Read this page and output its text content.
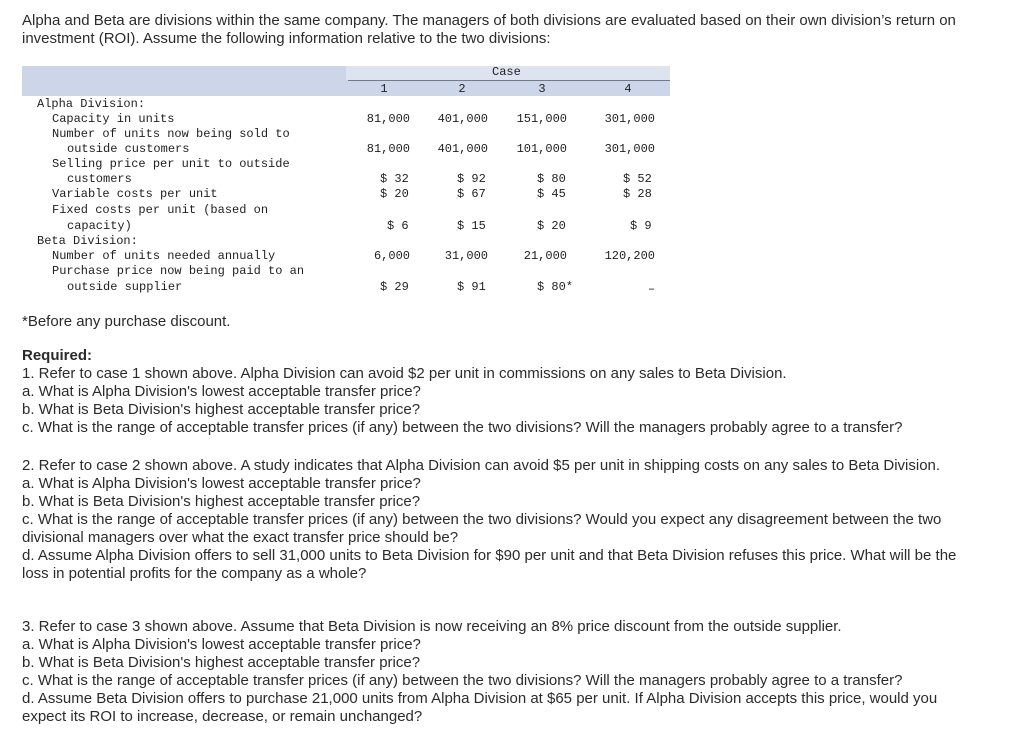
Alpha and Beta are divisions within the same company. The managers of both divisions are evaluated based on their own division’s return on investment (ROI). Assume the following information relative to the two divisions:

Case
1	2	3	4
Alpha Division:
Capacity in units	81,000	401,000	151,000	301,000
Number of units now being sold to
outside customers	81,000	401,000	101,000	301,000
Selling price per unit to outside
customers	$ 32	$ 92	$ 80	$ 52
Variable costs per unit	$ 20	$ 67	$ 45	$ 28
Fixed costs per unit (based on
capacity)	$ 6	$ 15	$ 20	$ 9
Beta Division:
Number of units needed annually	6,000	31,000	21,000	120,200
Purchase price now being paid to an
outside supplier	$ 29	$ 91	$ 80*	–

*Before any purchase discount.

Required:

1. Refer to case 1 shown above. Alpha Division can avoid $2 per unit in commissions on any sales to Beta Division.

a. What is Alpha Division's lowest acceptable transfer price?

b. What is Beta Division's highest acceptable transfer price?

c. What is the range of acceptable transfer prices (if any) between the two divisions? Will the managers probably agree to a transfer?

2. Refer to case 2 shown above. A study indicates that Alpha Division can avoid $5 per unit in shipping costs on any sales to Beta Division.

a. What is Alpha Division's lowest acceptable transfer price?

b. What is Beta Division's highest acceptable transfer price?

c. What is the range of acceptable transfer prices (if any) between the two divisions? Would you expect any disagreement between the two divisional managers over what the exact transfer price should be?

d. Assume Alpha Division offers to sell 31,000 units to Beta Division for $90 per unit and that Beta Division refuses this price. What will be the loss in potential profits for the company as a whole?

3. Refer to case 3 shown above. Assume that Beta Division is now receiving an 8% price discount from the outside supplier.

a. What is Alpha Division's lowest acceptable transfer price?

b. What is Beta Division's highest acceptable transfer price?

c. What is the range of acceptable transfer prices (if any) between the two divisions? Will the managers probably agree to a transfer?

d. Assume Beta Division offers to purchase 21,000 units from Alpha Division at $65 per unit. If Alpha Division accepts this price, would you expect its ROI to increase, decrease, or remain unchanged?
